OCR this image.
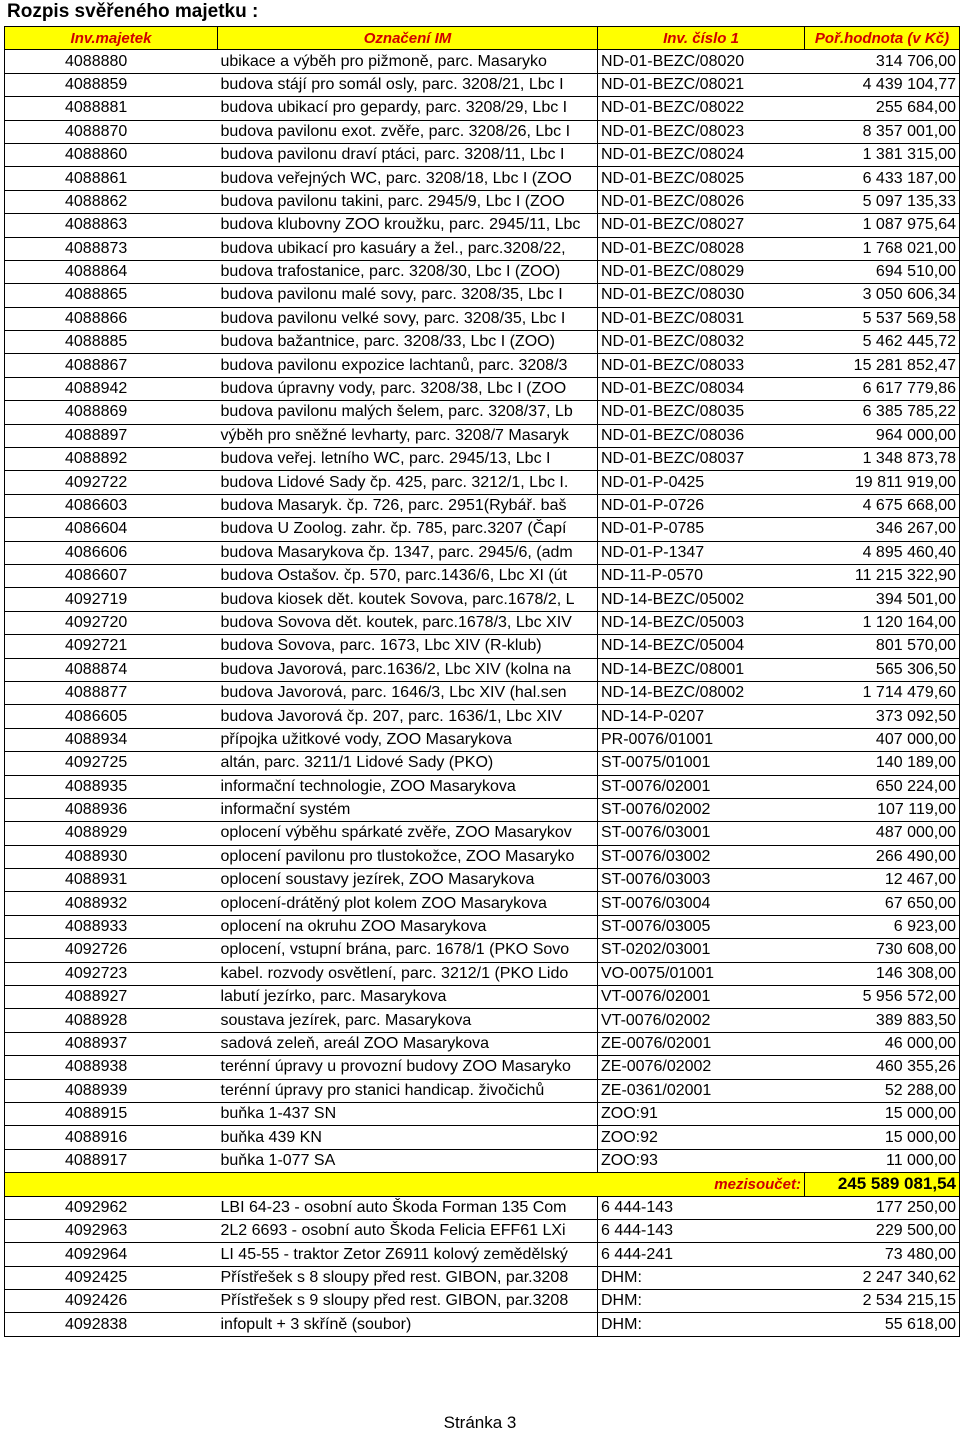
Rozpis svěřeného majetku :
Inv.majetek	Označení IM	Inv. číslo 1	Poř.hodnota (v Kč)
4088880	ubikace a výběh pro pižmoně, parc. Masaryko	ND-01-BEZC/08020	314 706,00
4088859	budova stájí pro somál osly, parc. 3208/21, Lbc I	ND-01-BEZC/08021	4 439 104,77
4088881	budova ubikací pro gepardy, parc. 3208/29, Lbc I	ND-01-BEZC/08022	255 684,00
4088870	budova pavilonu exot. zvěře, parc. 3208/26, Lbc I	ND-01-BEZC/08023	8 357 001,00
4088860	budova pavilonu draví ptáci, parc. 3208/11, Lbc I	ND-01-BEZC/08024	1 381 315,00
4088861	budova veřejných WC, parc. 3208/18, Lbc I (ZOO	ND-01-BEZC/08025	6 433 187,00
4088862	budova pavilonu takini, parc. 2945/9, Lbc I (ZOO	ND-01-BEZC/08026	5 097 135,33
4088863	budova klubovny ZOO kroužku, parc. 2945/11, Lbc	ND-01-BEZC/08027	1 087 975,64
4088873	budova ubikací pro kasuáry a žel., parc.3208/22,	ND-01-BEZC/08028	1 768 021,00
4088864	budova trafostanice, parc. 3208/30, Lbc I (ZOO)	ND-01-BEZC/08029	694 510,00
4088865	budova pavilonu malé sovy, parc. 3208/35, Lbc I	ND-01-BEZC/08030	3 050 606,34
4088866	budova pavilonu velké sovy, parc. 3208/35, Lbc I	ND-01-BEZC/08031	5 537 569,58
4088885	budova bažantnice, parc. 3208/33, Lbc I (ZOO)	ND-01-BEZC/08032	5 462 445,72
4088867	budova pavilonu expozice lachtanů, parc. 3208/3	ND-01-BEZC/08033	15 281 852,47
4088942	budova úpravny vody, parc. 3208/38, Lbc I (ZOO	ND-01-BEZC/08034	6 617 779,86
4088869	budova pavilonu malých šelem, parc. 3208/37, Lb	ND-01-BEZC/08035	6 385 785,22
4088897	výběh pro sněžné levharty, parc. 3208/7 Masaryk	ND-01-BEZC/08036	964 000,00
4088892	budova veřej. letního WC, parc. 2945/13, Lbc I	ND-01-BEZC/08037	1 348 873,78
4092722	budova Lidové Sady čp. 425, parc. 3212/1, Lbc I.	ND-01-P-0425	19 811 919,00
4086603	budova Masaryk. čp. 726, parc. 2951(Rybář. baš	ND-01-P-0726	4 675 668,00
4086604	budova U Zoolog. zahr. čp. 785, parc.3207 (Čapí	ND-01-P-0785	346 267,00
4086606	budova Masarykova čp. 1347, parc. 2945/6, (adm	ND-01-P-1347	4 895 460,40
4086607	budova Ostašov. čp. 570, parc.1436/6, Lbc XI (út	ND-11-P-0570	11 215 322,90
4092719	budova kiosek dět. koutek Sovova, parc.1678/2, L	ND-14-BEZC/05002	394 501,00
4092720	budova Sovova dět. koutek, parc.1678/3, Lbc XIV	ND-14-BEZC/05003	1 120 164,00
4092721	budova Sovova, parc. 1673, Lbc XIV (R-klub)	ND-14-BEZC/05004	801 570,00
4088874	budova Javorová, parc.1636/2, Lbc XIV (kolna na	ND-14-BEZC/08001	565 306,50
4088877	budova Javorová, parc. 1646/3, Lbc XIV (hal.sen	ND-14-BEZC/08002	1 714 479,60
4086605	budova Javorová čp. 207, parc. 1636/1, Lbc XIV	ND-14-P-0207	373 092,50
4088934	přípojka užitkové vody, ZOO Masarykova	PR-0076/01001	407 000,00
4092725	altán, parc. 3211/1 Lidové Sady (PKO)	ST-0075/01001	140 189,00
4088935	informační technologie, ZOO Masarykova	ST-0076/02001	650 224,00
4088936	informační systém	ST-0076/02002	107 119,00
4088929	oplocení výběhu spárkaté zvěře, ZOO Masarykov	ST-0076/03001	487 000,00
4088930	oplocení pavilonu pro tlustokožce, ZOO Masaryko	ST-0076/03002	266 490,00
4088931	oplocení soustavy jezírek, ZOO Masarykova	ST-0076/03003	12 467,00
4088932	oplocení-drátěný plot kolem ZOO Masarykova	ST-0076/03004	67 650,00
4088933	oplocení na okruhu ZOO Masarykova	ST-0076/03005	6 923,00
4092726	oplocení, vstupní brána, parc. 1678/1 (PKO Sovo	ST-0202/03001	730 608,00
4092723	kabel. rozvody osvětlení, parc. 3212/1 (PKO Lido	VO-0075/01001	146 308,00
4088927	labutí jezírko, parc. Masarykova	VT-0076/02001	5 956 572,00
4088928	soustava jezírek, parc. Masarykova	VT-0076/02002	389 883,50
4088937	sadová zeleň, areál ZOO Masarykova	ZE-0076/02001	46 000,00
4088938	terénní úpravy u provozní budovy ZOO Masaryko	ZE-0076/02002	460 355,26
4088939	terénní úpravy pro stanici handicap. živočichů	ZE-0361/02001	52 288,00
4088915	buňka 1-437 SN	ZOO:91	15 000,00
4088916	buňka 439 KN	ZOO:92	15 000,00
4088917	buňka 1-077 SA	ZOO:93	11 000,00
mezisoučet:			245 589 081,54
4092962	LBI 64-23 - osobní auto Škoda Forman 135 Com	6 444-143	177 250,00
4092963	2L2 6693 - osobní auto Škoda Felicia EFF61 LXi	6 444-143	229 500,00
4092964	LI 45-55 - traktor Zetor Z6911 kolový zemědělský	6 444-241	73 480,00
4092425	Přístřešek s 8 sloupy před rest. GIBON, par.3208	DHM:	2 247 340,62
4092426	Přístřešek s 9 sloupy před rest. GIBON, par.3208	DHM:	2 534 215,15
4092838	infopult + 3 skříně (soubor)	DHM:	55 618,00
Stránka 3
